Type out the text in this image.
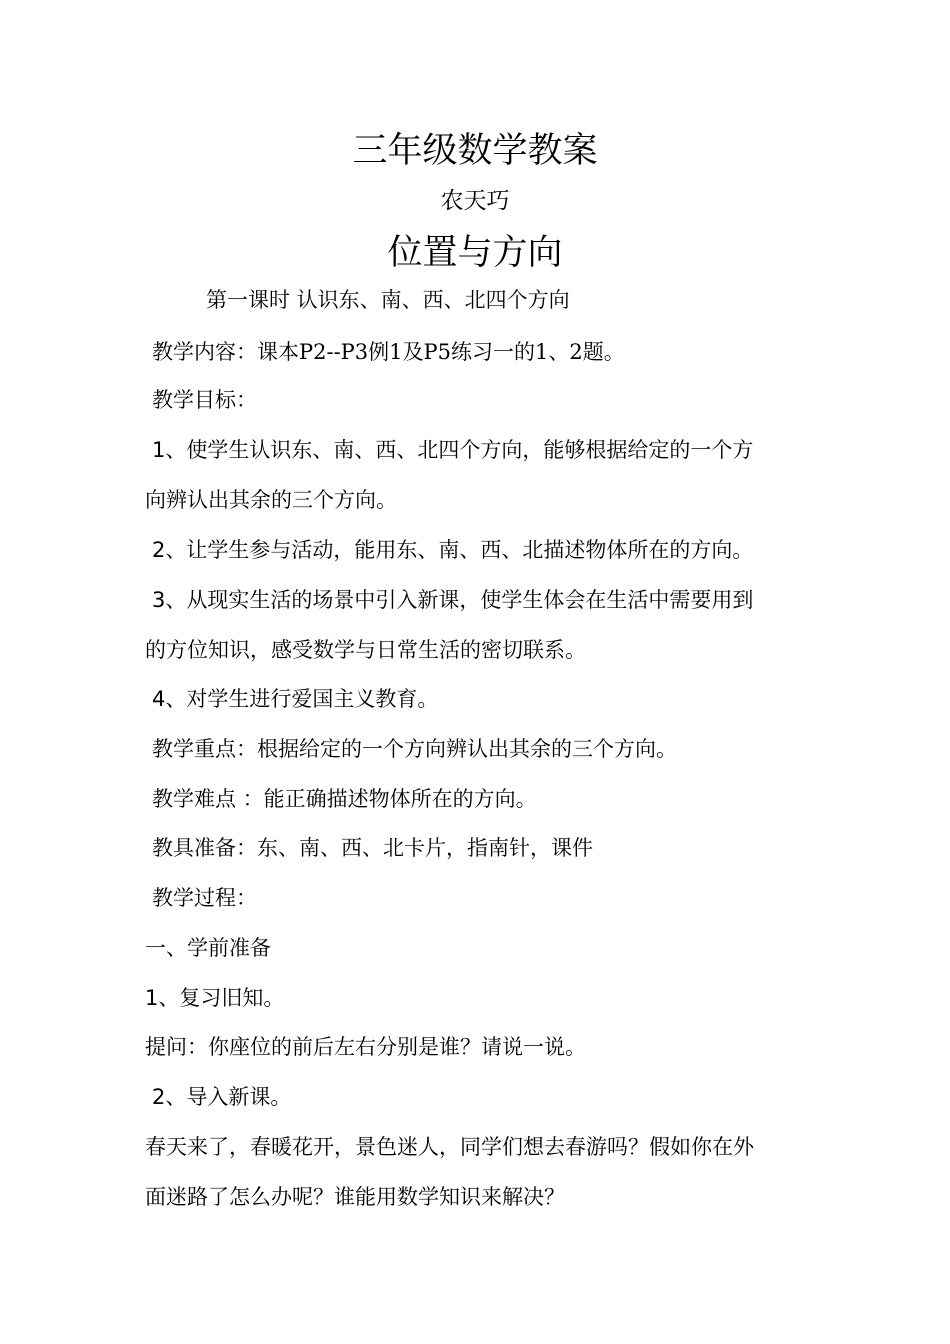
三年级数学教案
农天巧
位置与方向
第一课时 认识东、南、西、北四个方向
教学内容：课本P2--P3例1及P5练习一的1、2题。
教学目标：
1、使学生认识东、南、西、北四个方向，能够根据给定的一个方
向辨认出其余的三个方向。
2、让学生参与活动，能用东、南、西、北描述物体所在的方向。
3、从现实生活的场景中引入新课，使学生体会在生活中需要用到
的方位知识，感受数学与日常生活的密切联系。
4、对学生进行爱国主义教育。
教学重点：根据给定的一个方向辨认出其余的三个方向。
教学难点 ：能正确描述物体所在的方向。
教具准备：东、南、西、北卡片，指南针，课件
教学过程：
一、学前准备
1、复习旧知。
提问：你座位的前后左右分别是谁？请说一说。
2、导入新课。
春天来了，春暖花开，景色迷人，同学们想去春游吗？假如你在外
面迷路了怎么办呢？谁能用数学知识来解决？
